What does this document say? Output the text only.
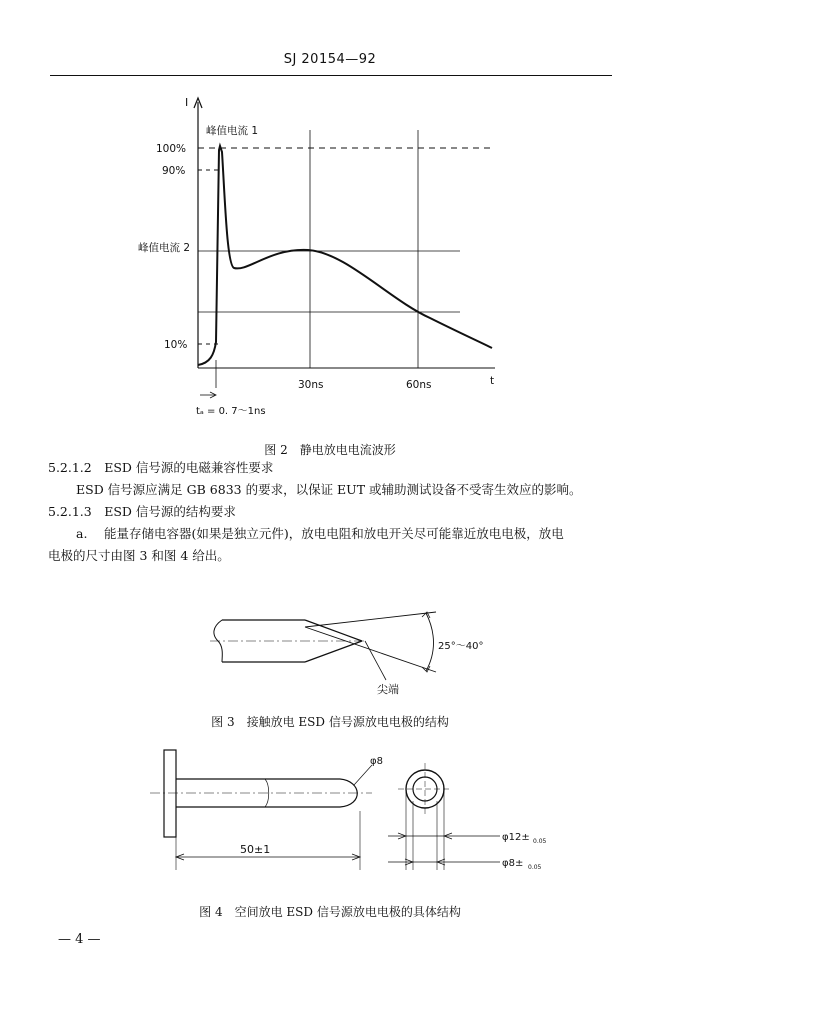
SJ 20154—92
I
峰值电流 1
100%
90%
峰值电流 2
10%
30ns	60ns	t
tₐ = 0. 7～1ns
图 2　静电放电电流波形
5.2.1.2　ESD 信号源的电磁兼容性要求
ESD 信号源应满足 GB 6833 的要求，以保证 EUT 或辅助测试设备不受寄生效应的影响。
5.2.1.3　ESD 信号源的结构要求
a. 能量存储电容器(如果是独立元件)，放电电阻和放电开关尽可能靠近放电电极，放电
电极的尺寸由图 3 和图 4 给出。
25°～40°
尖端
图 3　接触放电 ESD 信号源放电电极的结构
φ8
50±1
φ12± 0.05
φ8± 0.05
图 4　空间放电 ESD 信号源放电电极的具体结构
— 4 —
